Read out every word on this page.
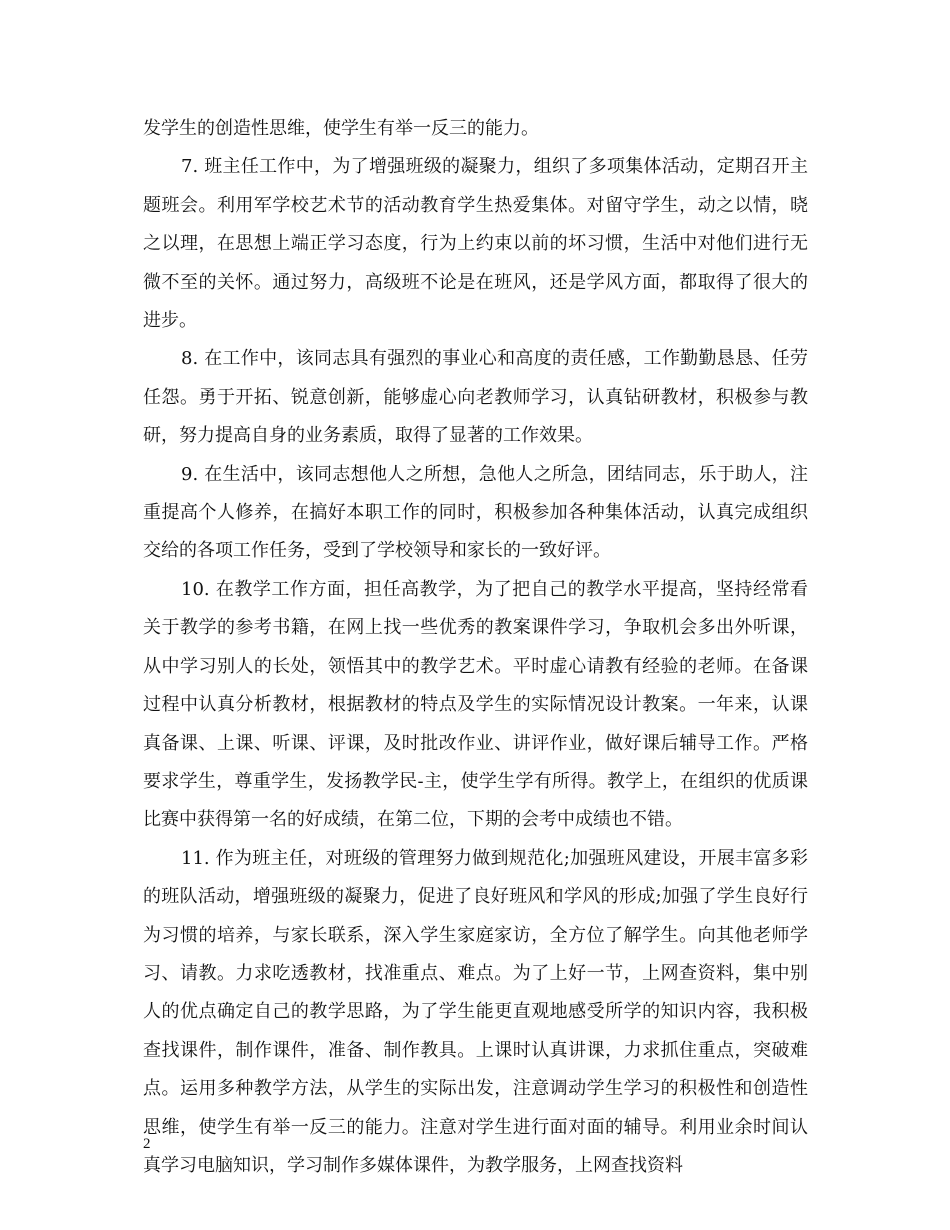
发学生的创造性思维，使学生有举一反三的能力。

7. 班主任工作中，为了增强班级的凝聚力，组织了多项集体活动，定期召开主题班会。利用军学校艺术节的活动教育学生热爱集体。对留守学生，动之以情，晓之以理，在思想上端正学习态度，行为上约束以前的坏习惯，生活中对他们进行无微不至的关怀。通过努力，高级班不论是在班风，还是学风方面，都取得了很大的进步。

8. 在工作中，该同志具有强烈的事业心和高度的责任感，工作勤勤恳恳、任劳任怨。勇于开拓、锐意创新，能够虚心向老教师学习，认真钻研教材，积极参与教研，努力提高自身的业务素质，取得了显著的工作效果。

9. 在生活中，该同志想他人之所想，急他人之所急，团结同志，乐于助人，注重提高个人修养，在搞好本职工作的同时，积极参加各种集体活动，认真完成组织交给的各项工作任务，受到了学校领导和家长的一致好评。

10. 在教学工作方面，担任高教学，为了把自己的教学水平提高，坚持经常看关于教学的参考书籍，在网上找一些优秀的教案课件学习，争取机会多出外听课，从中学习别人的长处，领悟其中的教学艺术。平时虚心请教有经验的老师。在备课过程中认真分析教材，根据教材的特点及学生的实际情况设计教案。一年来，认课真备课、上课、听课、评课，及时批改作业、讲评作业，做好课后辅导工作。严格要求学生，尊重学生，发扬教学民-主，使学生学有所得。教学上，在组织的优质课比赛中获得第一名的好成绩，在第二位，下期的会考中成绩也不错。

11. 作为班主任，对班级的管理努力做到规范化;加强班风建设，开展丰富多彩的班队活动，增强班级的凝聚力，促进了良好班风和学风的形成;加强了学生良好行为习惯的培养，与家长联系，深入学生家庭家访，全方位了解学生。向其他老师学习、请教。力求吃透教材，找准重点、难点。为了上好一节，上网查资料，集中别人的优点确定自己的教学思路，为了学生能更直观地感受所学的知识内容，我积极查找课件，制作课件，准备、制作教具。上课时认真讲课，力求抓住重点，突破难点。运用多种教学方法，从学生的实际出发，注意调动学生学习的积极性和创造性思维，使学生有举一反三的能力。注意对学生进行面对面的辅导。利用业余时间认真学习电脑知识，学习制作多媒体课件，为教学服务，上网查找资料

2
